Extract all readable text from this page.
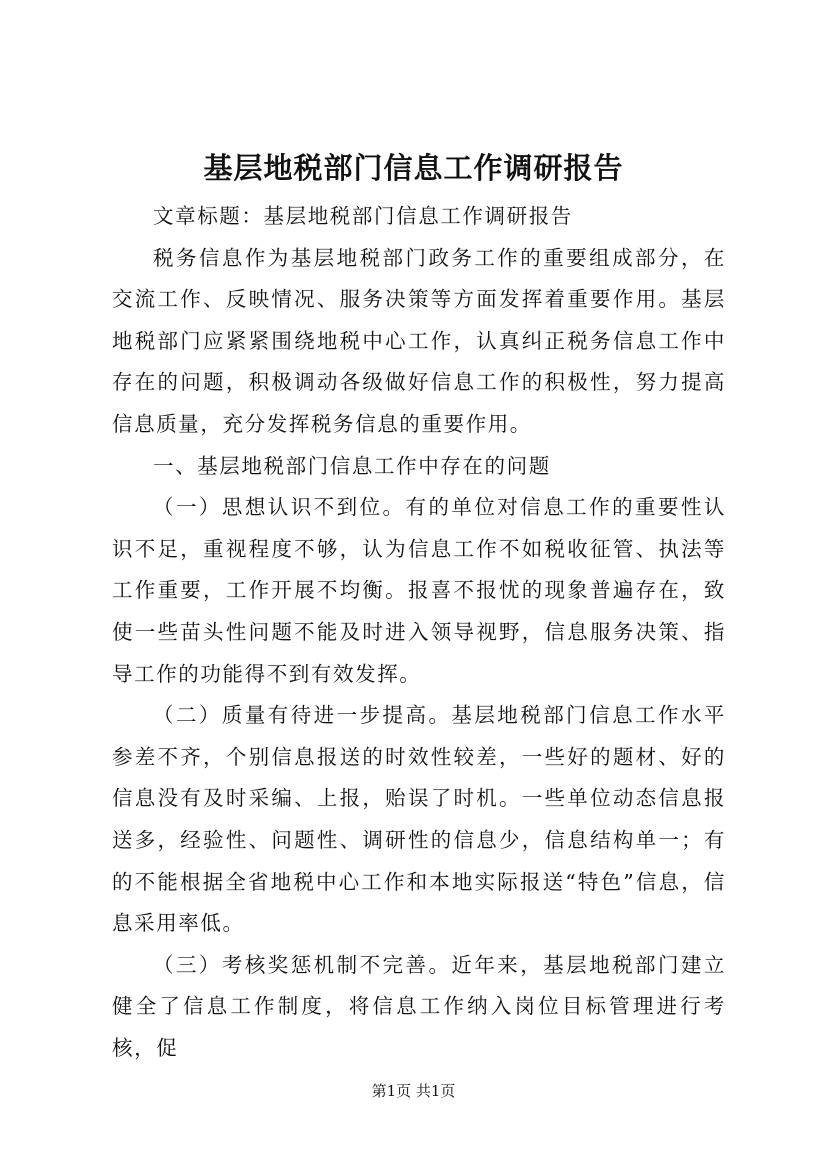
基层地税部门信息工作调研报告

文章标题：基层地税部门信息工作调研报告

税务信息作为基层地税部门政务工作的重要组成部分，在交流工作、反映情况、服务决策等方面发挥着重要作用。基层地税部门应紧紧围绕地税中心工作，认真纠正税务信息工作中存在的问题，积极调动各级做好信息工作的积极性，努力提高信息质量，充分发挥税务信息的重要作用。

一、基层地税部门信息工作中存在的问题

（一）思想认识不到位。有的单位对信息工作的重要性认识不足，重视程度不够，认为信息工作不如税收征管、执法等工作重要，工作开展不均衡。报喜不报忧的现象普遍存在，致使一些苗头性问题不能及时进入领导视野，信息服务决策、指导工作的功能得不到有效发挥。

（二）质量有待进一步提高。基层地税部门信息工作水平参差不齐，个别信息报送的时效性较差，一些好的题材、好的信息没有及时采编、上报，贻误了时机。一些单位动态信息报送多，经验性、问题性、调研性的信息少，信息结构单一；有的不能根据全省地税中心工作和本地实际报送“特色”信息，信息采用率低。

（三）考核奖惩机制不完善。近年来，基层地税部门建立健全了信息工作制度，将信息工作纳入岗位目标管理进行考核，促

第1页 共1页
